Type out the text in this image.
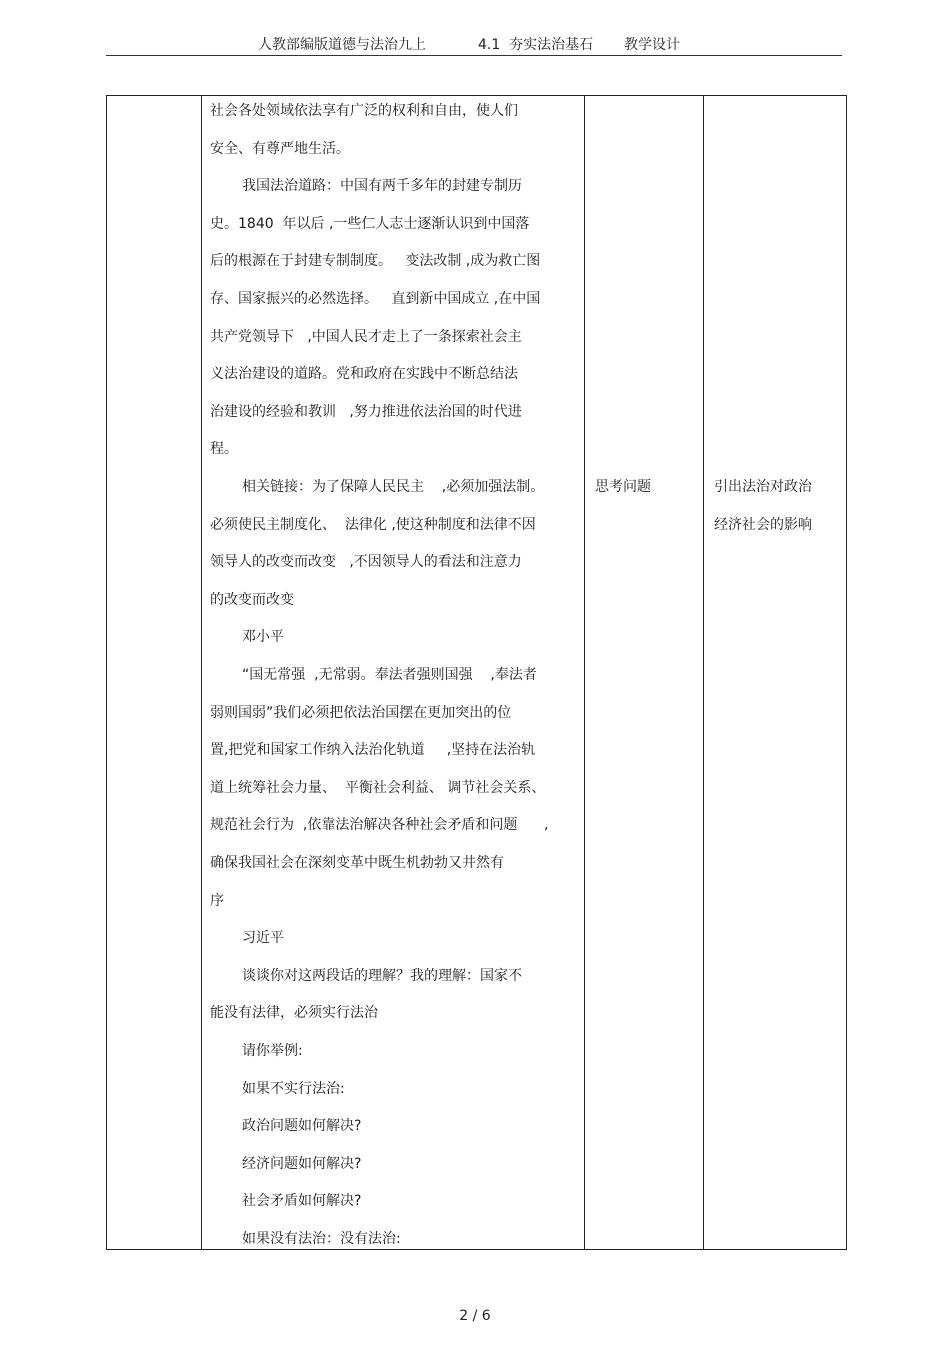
人教部编版道德与法治九上	4.1  夯实法治基石 教学设计

社会各处领域依法享有广泛的权利和自由，使人们
安全、有尊严地生活。
我国法治道路：中国有两千多年的封建专制历
史。1840  年以后 ,一些仁人志士逐渐认识到中国落
后的根源在于封建专制制度。   变法改制 ,成为救亡图
存、国家振兴的必然选择。   直到新中国成立 ,在中国
共产党领导下   ,中国人民才走上了一条探索社会主
义法治建设的道路。党和政府在实践中不断总结法
治建设的经验和教训   ,努力推进依法治国的时代进
程。
相关链接：为了保障人民民主    ,必须加强法制。
必须使民主制度化、  法律化 ,使这种制度和法律不因
领导人的改变而改变   ,不因领导人的看法和注意力
的改变而改变
邓小平
“国无常强  ,无常弱。奉法者强则国强    ,奉法者
弱则国弱”我们必须把依法治国摆在更加突出的位
置,把党和国家工作纳入法治化轨道     ,坚持在法治轨
道上统筹社会力量、  平衡社会利益、 调节社会关系、
规范社会行为  ,依靠法治解决各种社会矛盾和问题      ,
确保我国社会在深刻变革中既生机勃勃又井然有
序
习近平
谈谈你对这两段话的理解？我的理解：国家不
能没有法律，必须实行法治
请你举例:
如果不实行法治:
政治问题如何解决?
经济问题如何解决?
社会矛盾如何解决?
如果没有法治：没有法治:

思考问题	引出法治对政治
经济社会的影响
2 / 6
